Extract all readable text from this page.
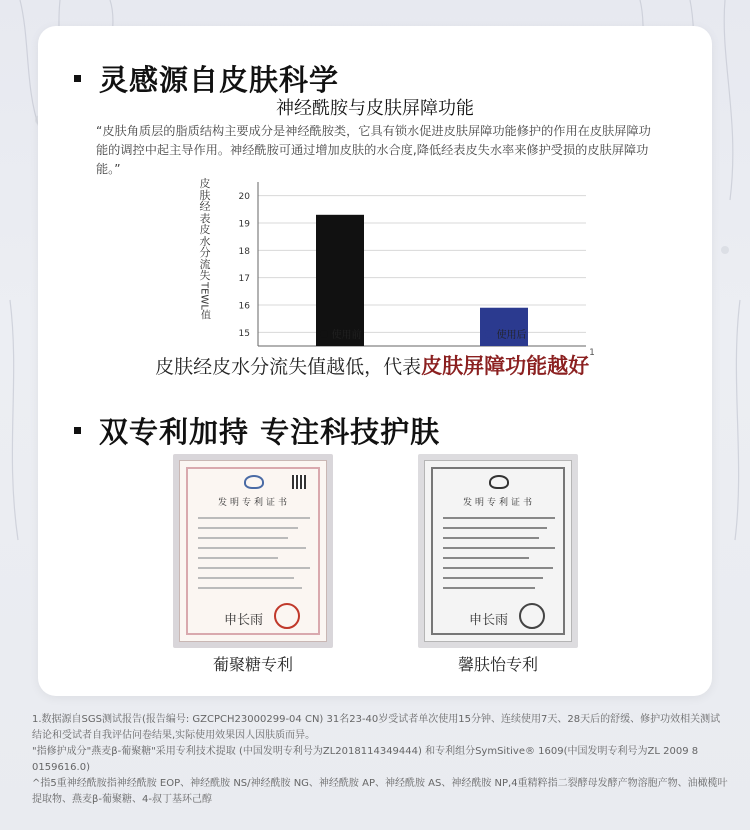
灵感源自皮肤科学
神经酰胺与皮肤屏障功能
“皮肤角质层的脂质结构主要成分是神经酰胺类，它具有锁水促进皮肤屏障功能修护的作用在皮肤屏障功能的调控中起主导作用。神经酰胺可通过增加皮肤的水合度,降低经表皮失水率来修护受损的皮肤屏障功能。”
皮
肤
经
表
皮
水
分
流
失
TEWL值
15
16
17
18
19
20
皮肤经皮水分流失值越低，代表皮肤屏障功能越好$^1$
双专利加持 专注科技护肤
发明专利证书
申长雨
葡聚糖专利
发明专利证书
申长雨
馨肤怡专利
使用前	使用后

1.数据源自SGS测试报告(报告编号: GZCPCH23000299-04 CN) 31名23-40岁受试者单次使用15分钟、连续使用7天、28天后的舒缓、修护功效相关测试结论和受试者自我评估问卷结果,实际使用效果因人因肤质而异。

"指修护成分"燕麦β-葡聚糖"采用专利技术提取 (中国发明专利号为ZL2018114349444) 和专利组分SymSitive® 1609(中国发明专利号为ZL 2009 8 0159616.0)

^指5重神经酰胺指神经酰胺 EOP、神经酰胺 NS/神经酰胺 NG、神经酰胺 AP、神经酰胺 AS、神经酰胺 NP,4重精粹指二裂酵母发酵产物溶胞产物、油橄榄叶提取物、燕麦β-葡聚糖、4-叔丁基环己醇
